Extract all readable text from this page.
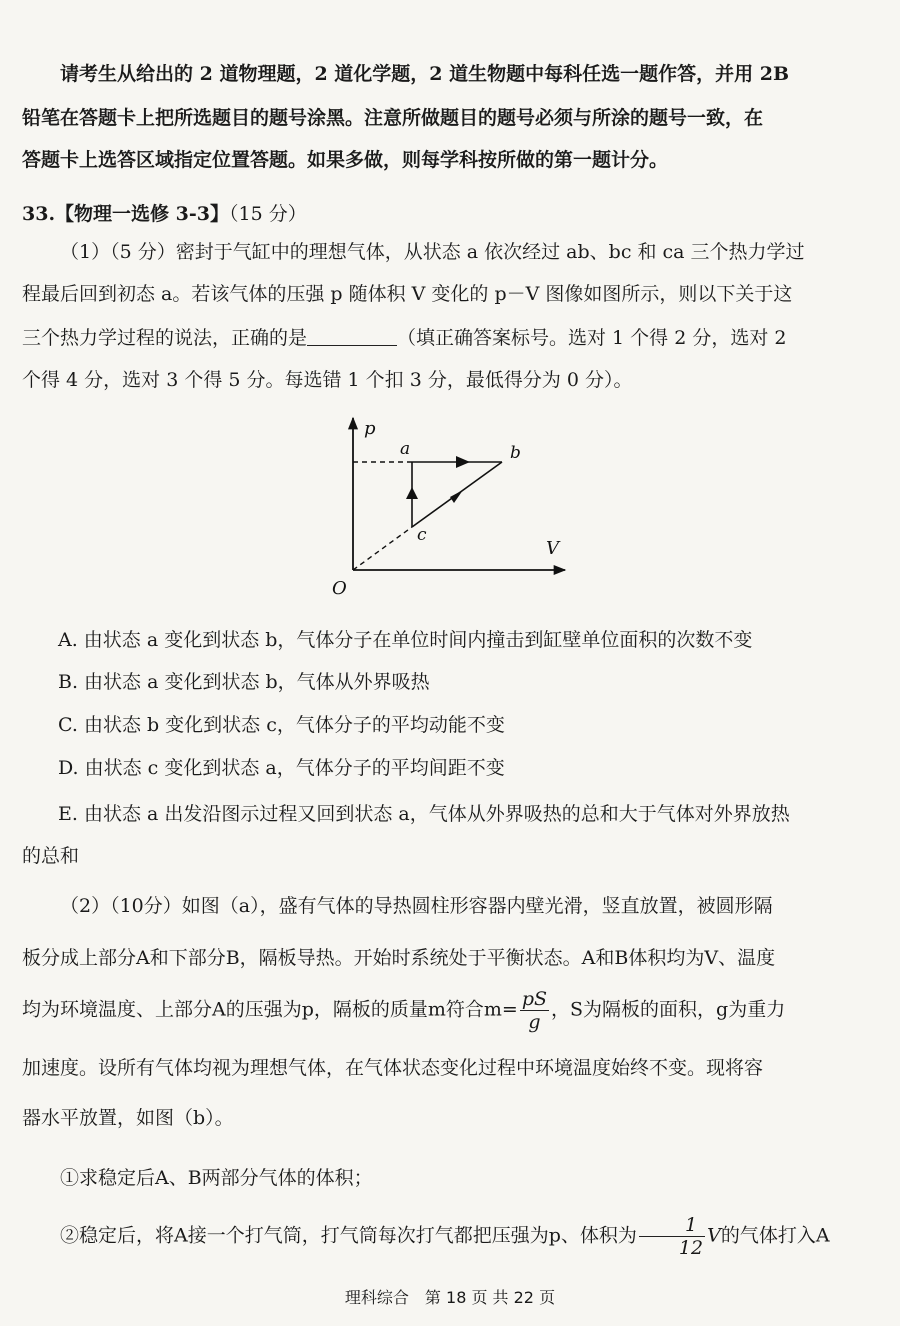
请考生从给出的 2 道物理题，2 道化学题，2 道生物题中每科任选一题作答，并用 2B

铅笔在答题卡上把所选题目的题号涂黑。注意所做题目的题号必须与所涂的题号一致，在

答题卡上选答区域指定位置答题。如果多做，则每学科按所做的第一题计分。

33.【物理一选修 3-3】（15 分）

（1）（5 分）密封于气缸中的理想气体，从状态 a 依次经过 ab、bc 和 ca 三个热力学过

程最后回到初态 a。若该气体的压强 p 随体积 V 变化的 p－V 图像如图所示，则以下关于这

三个热力学过程的说法，正确的是	（填正确答案标号。选对 1 个得 2 分，选对 2

个得 4 分，选对 3 个得 5 分。每选错 1 个扣 3 分，最低得分为 0 分）。

p
V
O
a	b
c

A. 由状态 a 变化到状态 b，气体分子在单位时间内撞击到缸壁单位面积的次数不变

B. 由状态 a 变化到状态 b，气体从外界吸热

C. 由状态 b 变化到状态 c，气体分子的平均动能不变

D. 由状态 c 变化到状态 a，气体分子的平均间距不变

E. 由状态 a 出发沿图示过程又回到状态 a，气体从外界吸热的总和大于气体对外界放热

的总和

（2）（10分）如图（a），盛有气体的导热圆柱形容器内壁光滑，竖直放置，被圆形隔

板分成上部分A和下部分B，隔板导热。开始时系统处于平衡状态。A和B体积均为V、温度

均为环境温度、上部分A的压强为p，隔板的质量m符合$m= \frac{pS}{g}$ ，S为隔板的面积，g为重力

加速度。设所有气体均视为理想气体，在气体状态变化过程中环境温度始终不变。现将容

器水平放置，如图（b）。

①求稳定后A、B两部分气体的体积；

②稳定后，将A接一个打气筒，打气筒每次打气都把压强为p、体积为 $\frac{1}{12}$ V的气体打入A

理科综合　第 18 页 共 22 页
